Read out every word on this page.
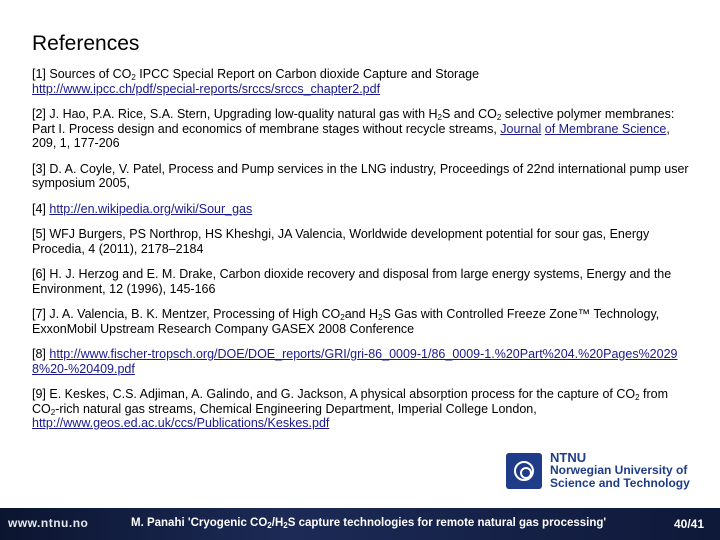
References
[1] Sources of $CO_2$ IPCC Special Report on Carbon dioxide Capture and Storage
http://www.ipcc.ch/pdf/special-reports/srccs/srccs_chapter2.pdf
[2] J. Hao, P.A. Rice, S.A. Stern, Upgrading low-quality natural gas with $H_2S$ and $CO_2$ selective polymer membranes: Part I. Process design and economics of membrane stages without recycle streams, Journal of Membrane Science, 209, 1, 177-206
[3] D. A. Coyle, V. Patel, Process and Pump services in the LNG industry, Proceedings of 22nd international pump user symposium 2005,
[4] http://en.wikipedia.org/wiki/Sour_gas
[5] WFJ Burgers, PS Northrop, HS Kheshgi, JA Valencia, Worldwide development potential for sour gas, Energy Procedia, 4 (2011), 2178–2184
[6] H. J. Herzog and E. M. Drake, Carbon dioxide recovery and disposal from large energy systems, Energy and the Environment, 12 (1996), 145-166
[7] J. A. Valencia, B. K. Mentzer, Processing of High $CO_2and$ $H_2S$ Gas with Controlled Freeze Zone™ Technology, ExxonMobil Upstream Research Company GASEX 2008 Conference
[8] http://www.fischer-tropsch.org/DOE/DOE_reports/GRI/gri-86_0009-1/86_0009-1.%20Part%204.%20Pages%20298%20-%20409.pdf
[9] E. Keskes, C.S. Adjiman, A. Galindo, and G. Jackson, A physical absorption process for the capture of $CO_2$ from $CO_2$-rich natural gas streams, Chemical Engineering Department, Imperial College London, http://www.geos.ed.ac.uk/ccs/Publications/Keskes.pdf
NTNU
Norwegian University of
Science and Technology
www.ntnu.no	M. Panahi 'Cryogenic $CO_2/H_2S$ capture technologies for remote natural gas processing'	40/41
